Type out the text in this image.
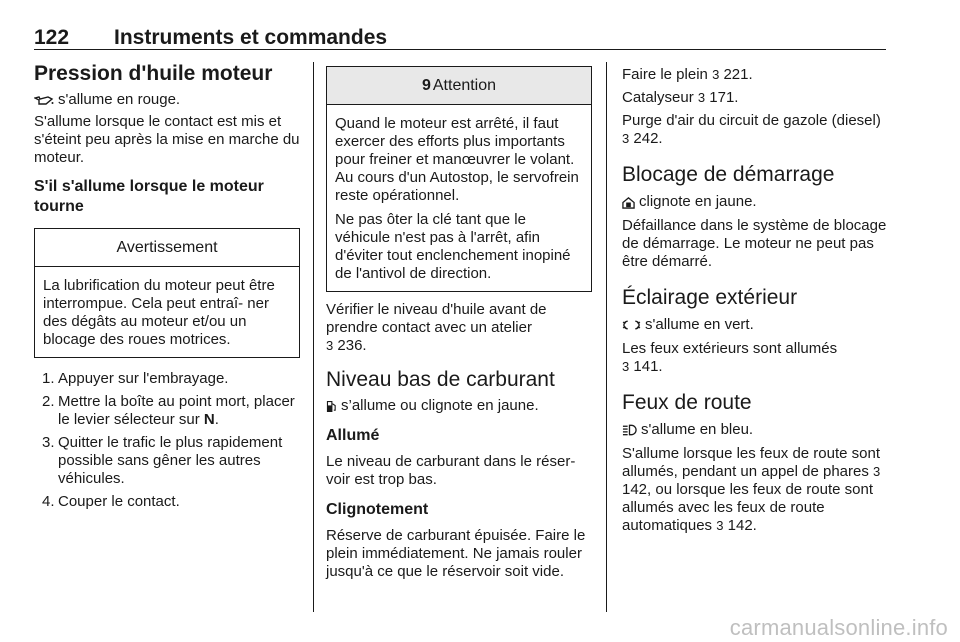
122 Instruments et commandes
Pression d'huile moteur
s'allume en rouge.
S'allume lorsque le contact est mis et s'éteint peu après la mise en marche du moteur.
S'il s'allume lorsque le moteur tourne
Avertissement
La lubrification du moteur peut être interrompue. Cela peut entraî‐ ner des dégâts au moteur et/ou un blocage des roues motrices.
1. Appuyer sur l'embrayage.
2. Mettre la boîte au point mort, placer le levier sélecteur sur N.
3. Quitter le trafic le plus rapidement possible sans gêner les autres véhicules.
4. Couper le contact.
9 Attention
Quand le moteur est arrêté, il faut exercer des efforts plus importants pour freiner et manœuvrer le volant. Au cours d'un Autostop, le servofrein reste opérationnel.
Ne pas ôter la clé tant que le véhicule n'est pas à l'arrêt, afin d'éviter tout enclenchement inopiné de l'antivol de direction.
Vérifier le niveau d'huile avant de prendre contact avec un atelier
3 236.
Niveau bas de carburant
s’allume ou clignote en jaune.
Allumé
Le niveau de carburant dans le réser‐ voir est trop bas.
Clignotement
Réserve de carburant épuisée. Faire le plein immédiatement. Ne jamais rouler jusqu'à ce que le réservoir soit vide.
Faire le plein 3 221.
Catalyseur 3 171.
Purge d'air du circuit de gazole (diesel) 3 242.
Blocage de démarrage
clignote en jaune.
Défaillance dans le système de blocage de démarrage. Le moteur ne peut pas être démarré.
Éclairage extérieur
s'allume en vert.
Les feux extérieurs sont allumés
3 141.
Feux de route
s'allume en bleu.
S'allume lorsque les feux de route sont allumés, pendant un appel de phares 3 142, ou lorsque les feux de route sont allumés avec les feux de route automatiques 3 142.
carmanualsonline.info
